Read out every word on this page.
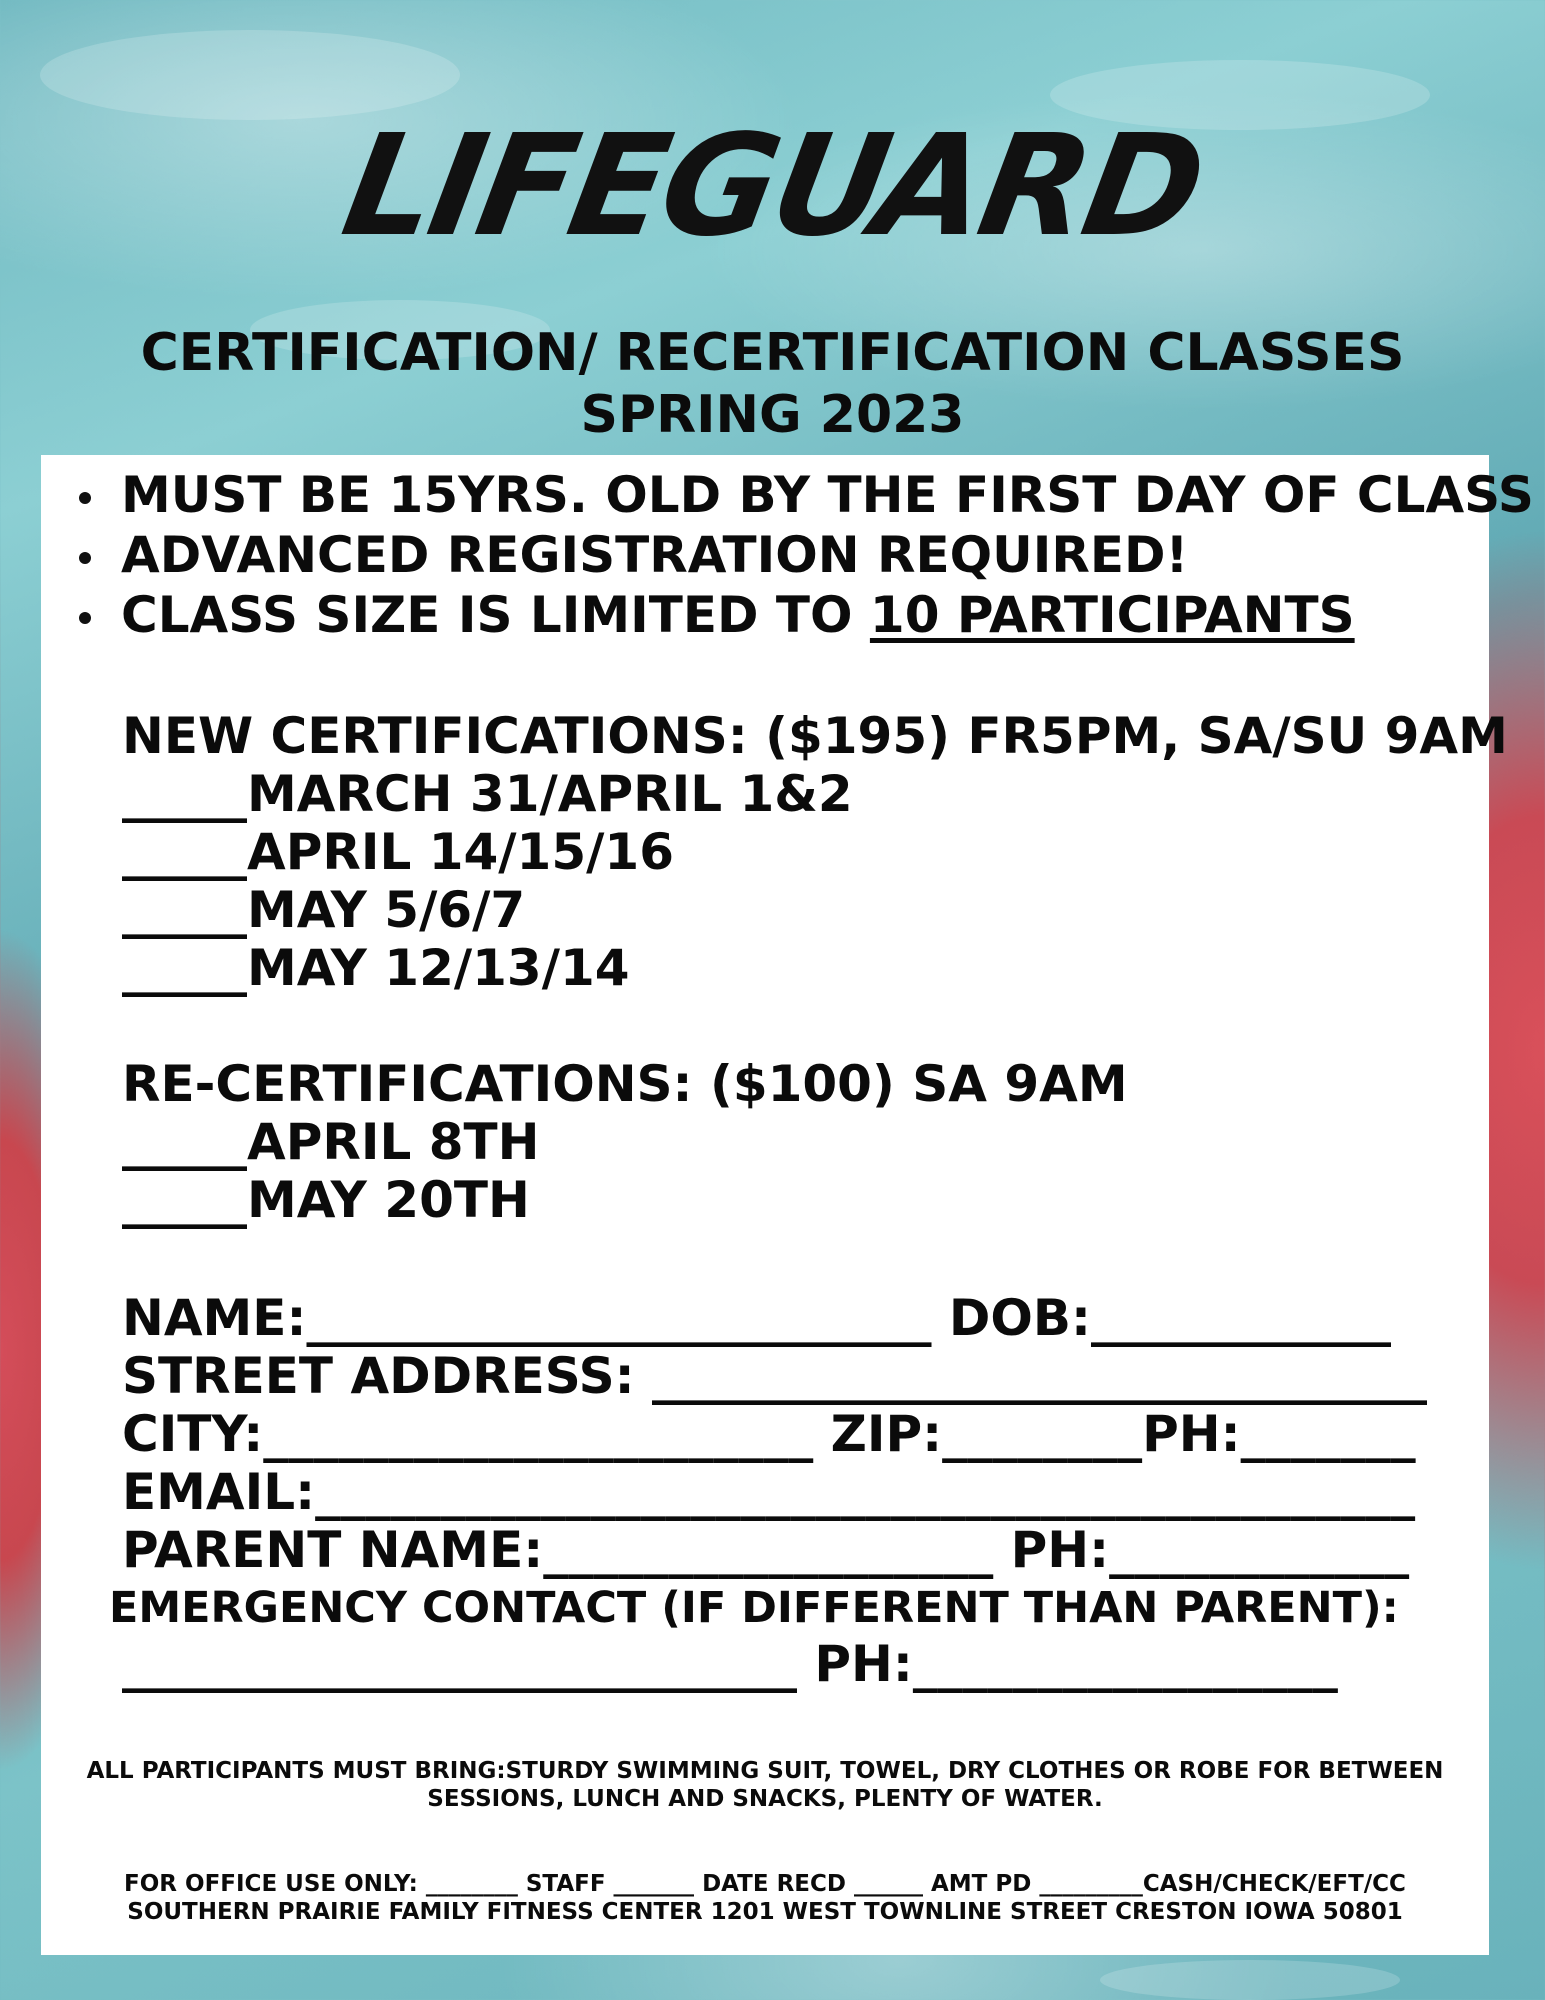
LIFEGUARD
CERTIFICATION/ RECERTIFICATION CLASSES
SPRING 2023
MUST BE 15YRS. OLD BY THE FIRST DAY OF CLASS
ADVANCED REGISTRATION REQUIRED!
CLASS SIZE IS LIMITED TO 10 PARTICIPANTS
NEW CERTIFICATIONS: ($195) FR5PM, SA/SU 9AM
_____MARCH 31/APRIL 1&2
_____APRIL 14/15/16
_____MAY 5/6/7
_____MAY 12/13/14
RE-CERTIFICATIONS: ($100) SA 9AM
_____APRIL 8TH
_____MAY 20TH
NAME:_________________________ DOB:____________
STREET ADDRESS: _______________________________
CITY:______________________ ZIP:________PH:_______
EMAIL:____________________________________________
PARENT NAME:__________________ PH:____________
EMERGENCY CONTACT (IF DIFFERENT THAN PARENT):
___________________________ PH:_________________
ALL PARTICIPANTS MUST BRING:STURDY SWIMMING SUIT, TOWEL, DRY CLOTHES OR ROBE FOR BETWEEN
SESSIONS, LUNCH AND SNACKS, PLENTY OF WATER.
FOR OFFICE USE ONLY: ________ STAFF _______ DATE RECD ______ AMT PD _________CASH/CHECK/EFT/CC
SOUTHERN PRAIRIE FAMILY FITNESS CENTER 1201 WEST TOWNLINE STREET CRESTON IOWA 50801
